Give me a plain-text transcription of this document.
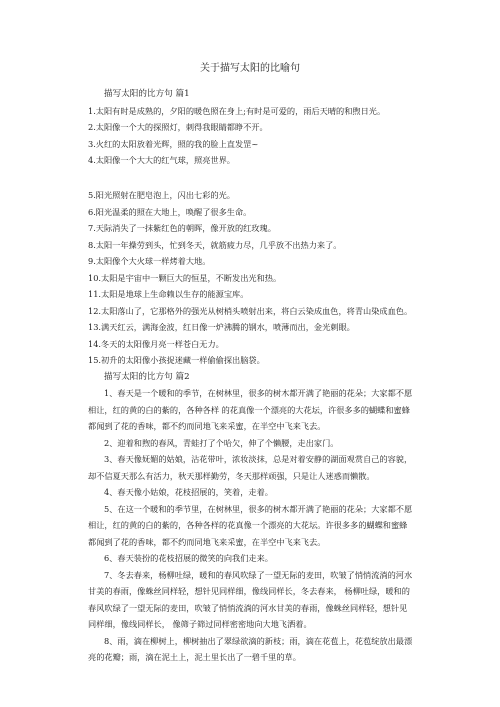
关于描写太阳的比喻句
描写太阳的比方句 篇1
1.太阳有时是成熟的，夕阳的暖色照在身上;有时是可爱的，雨后天晴的和煦日光。
2.太阳像一个大的探照灯，刺得我眼睛都睁不开。
3.火红的太阳放着光辉，照的我的脸上直发罡~
4.太阳像一个大大的红气球，照亮世界。
5.阳光照射在肥皂泡上，闪出七彩的光。
6.阳光温柔的照在大地上，唤醒了很多生命。
7.天际消失了一抹紫红色的朝晖，像开放的红玫瑰。
8.太阳一年操劳到头，忙到冬天，就筋疲力尽，几乎放不出热力来了。
9.太阳像个大火球一样烤着大地。
10.太阳是宇宙中一颗巨大的恒星，不断发出光和热。
11.太阳是地球上生命赖以生存的能源宝库。
12.太阳落山了，它那格外的强光从树梢头喷射出来，将白云染成血色，将青山染成血色。
13.满天红云，满海金波，红日像一炉沸腾的钢水，喷薄而出，金光刺眼。
14.冬天的太阳像月亮一样苍白无力。
15.初升的太阳像小孩捉迷藏一样偷偷探出脑袋。
描写太阳的比方句 篇2
1、春天是一个暖和的季节，在树林里，很多的树木都开满了艳丽的花朵；大家都不愿相让，红的黄的白的紫的，各种各样 的花真像一个漂亮的大花坛，许很多多的蝴蝶和蜜蜂都闻到了花的香味，都不约而同地飞来采蜜，在半空中飞来飞去。
2、迎着和煦的春风，青蛙打了个哈欠，伸了个懒腰，走出家门。
3、春天像妩媚的姑娘，沾花带叶，浓妆淡抹，总是对着安静的湖面观赏自己的容貌，却不信夏天那么有活力，秋天那样勤劳，冬天那样顽强，只是让人迷惑而懒散。
4、春天像小姑娘，花枝招展的，笑着，走着。
5、在这一个暖和的季节里，在树林里，很多的树木都开满了艳丽的花朵；大家都不愿相让，红的黄的白的紫的，各种各样的花真像一个漂亮的大花坛。许很多多的蝴蝶和蜜蜂都闻到了花的香味，都不约而同地飞来采蜜，在半空中飞来飞去。
6、春天装扮的花枝招展的微笑的向我们走来。
7、冬去春来，杨柳吐绿，暖和的春风吹绿了一望无际的麦田，吹皱了悄悄流淌的河水甘美的春雨，像蛛丝同样轻，想针见同样细，像线同样长，冬去春来， 杨柳吐绿，暖和的春风吹绿了一望无际的麦田，吹皱了悄悄流淌的河水甘美的春雨，像蛛丝同样轻，想针见同样细，像线同样长， 像筛子筛过同样密密地向大地飞洒着。
8、雨，滴在柳树上，柳树抽出了翠绿欲滴的新枝；雨，滴在花苞上，花苞绽放出最漂亮的花瓣；雨，滴在泥土上，泥土里长出了一碧千里的草。
